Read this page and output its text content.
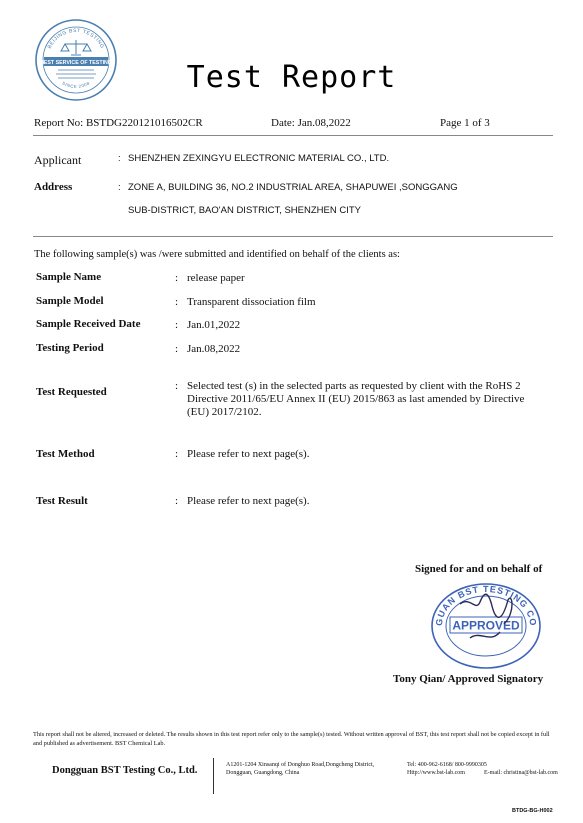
BEIJING BST TESTING
BEST SERVICE OF TESTING
SINCE 2008	Test Report
Report No: BSTDG220121016502CR	Date: Jan.08,2022	Page 1 of 3
Applicant	: SHENZHEN ZEXINGYU ELECTRONIC MATERIAL CO., LTD.
Address	: ZONE A, BUILDING 36, NO.2 INDUSTRIAL AREA, SHAPUWEI ,SONGGANG
SUB-DISTRICT, BAO'AN DISTRICT, SHENZHEN CITY
The following sample(s) was /were submitted and identified on behalf of the clients as:
Sample Name	: release paper
Sample Model	: Transparent dissociation film
Sample Received Date	: Jan.01,2022
Testing Period	: Jan.08,2022
Test Requested	: Selected test (s) in the selected parts as requested by client with the RoHS 2
Directive 2011/65/EU Annex II (EU) 2015/863 as last amended by Directive
(EU) 2017/2102.
Test Method	: Please refer to next page(s).
Test Result	: Please refer to next page(s).
Signed for and on behalf of
GUAN BST TESTING CO
APPROVED
Tony Qian/ Approved Signatory
This report shall not be altered, increased or deleted. The results shown in this test report refer only to the sample(s) tested. Without written approval of BST, this test report shall not be copied except in full and published as advertisement. BST Chemical Lab.
Dongguan BST Testing Co., Ltd.	A1201-1204 Xinsanqi of Donghuo Road,Dongcheng District,
Dongguan, Guangdong, China
Tel: 400-962-6168/ 800-9990305
Http://www.bst-lab.com	E-mail: christina@bst-lab.com
BTDG-BG-H002
